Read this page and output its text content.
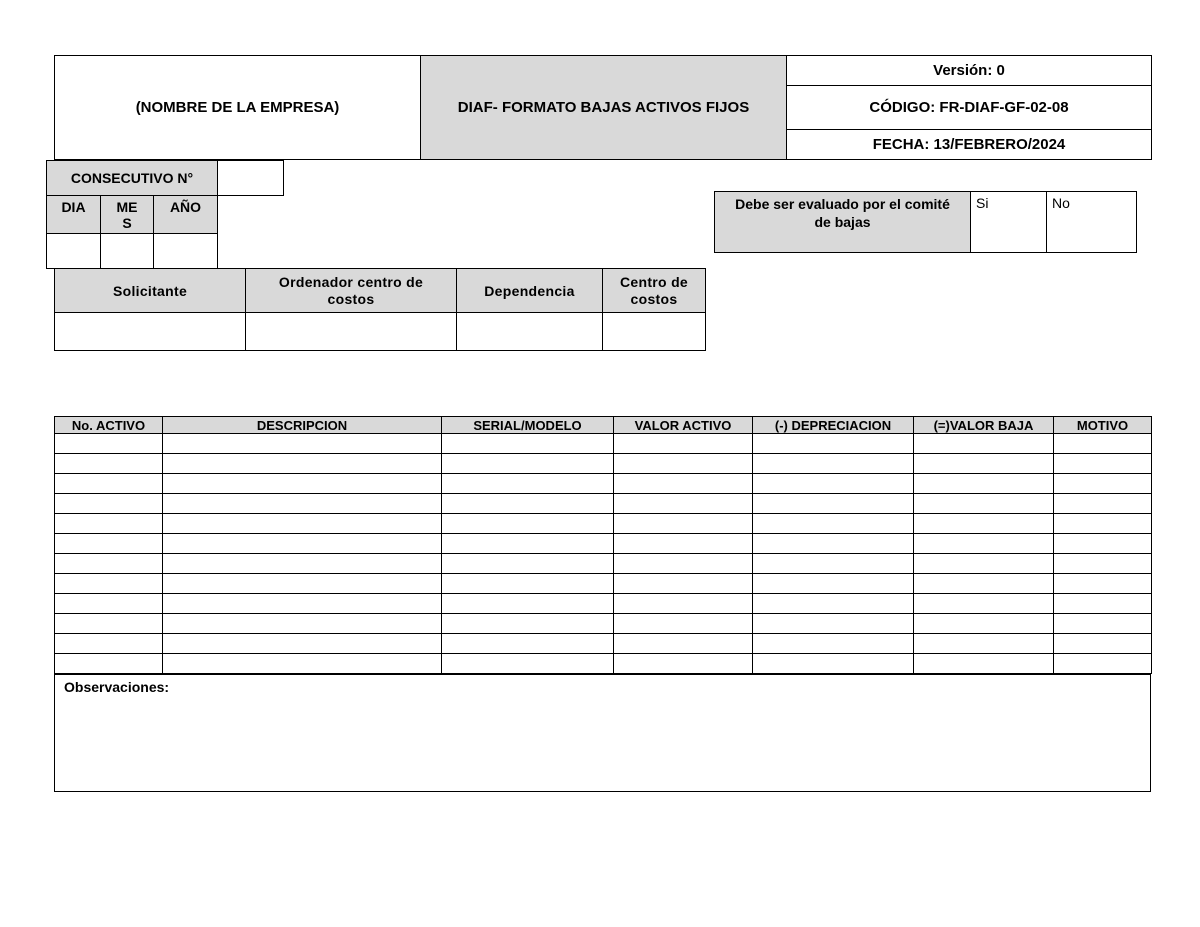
(NOMBRE DE LA EMPRESA)	DIAF- FORMATO BAJAS ACTIVOS FIJOS	Versión: 0
CÓDIGO: FR-DIAF-GF-02-08
FECHA: 13/FEBRERO/2024
CONSECUTIVO N°			
DIA	ME S	AÑO	
				Debe ser evaluado por el comité de bajas	Si	No
Solicitante	Ordenador centro de costos	Dependencia	Centro de costos

No. ACTIVO	DESCRIPCION	SERIAL/MODELO	VALOR ACTIVO	(-) DEPRECIACION	(=)VALOR BAJA	MOTIVO

Observaciones:
